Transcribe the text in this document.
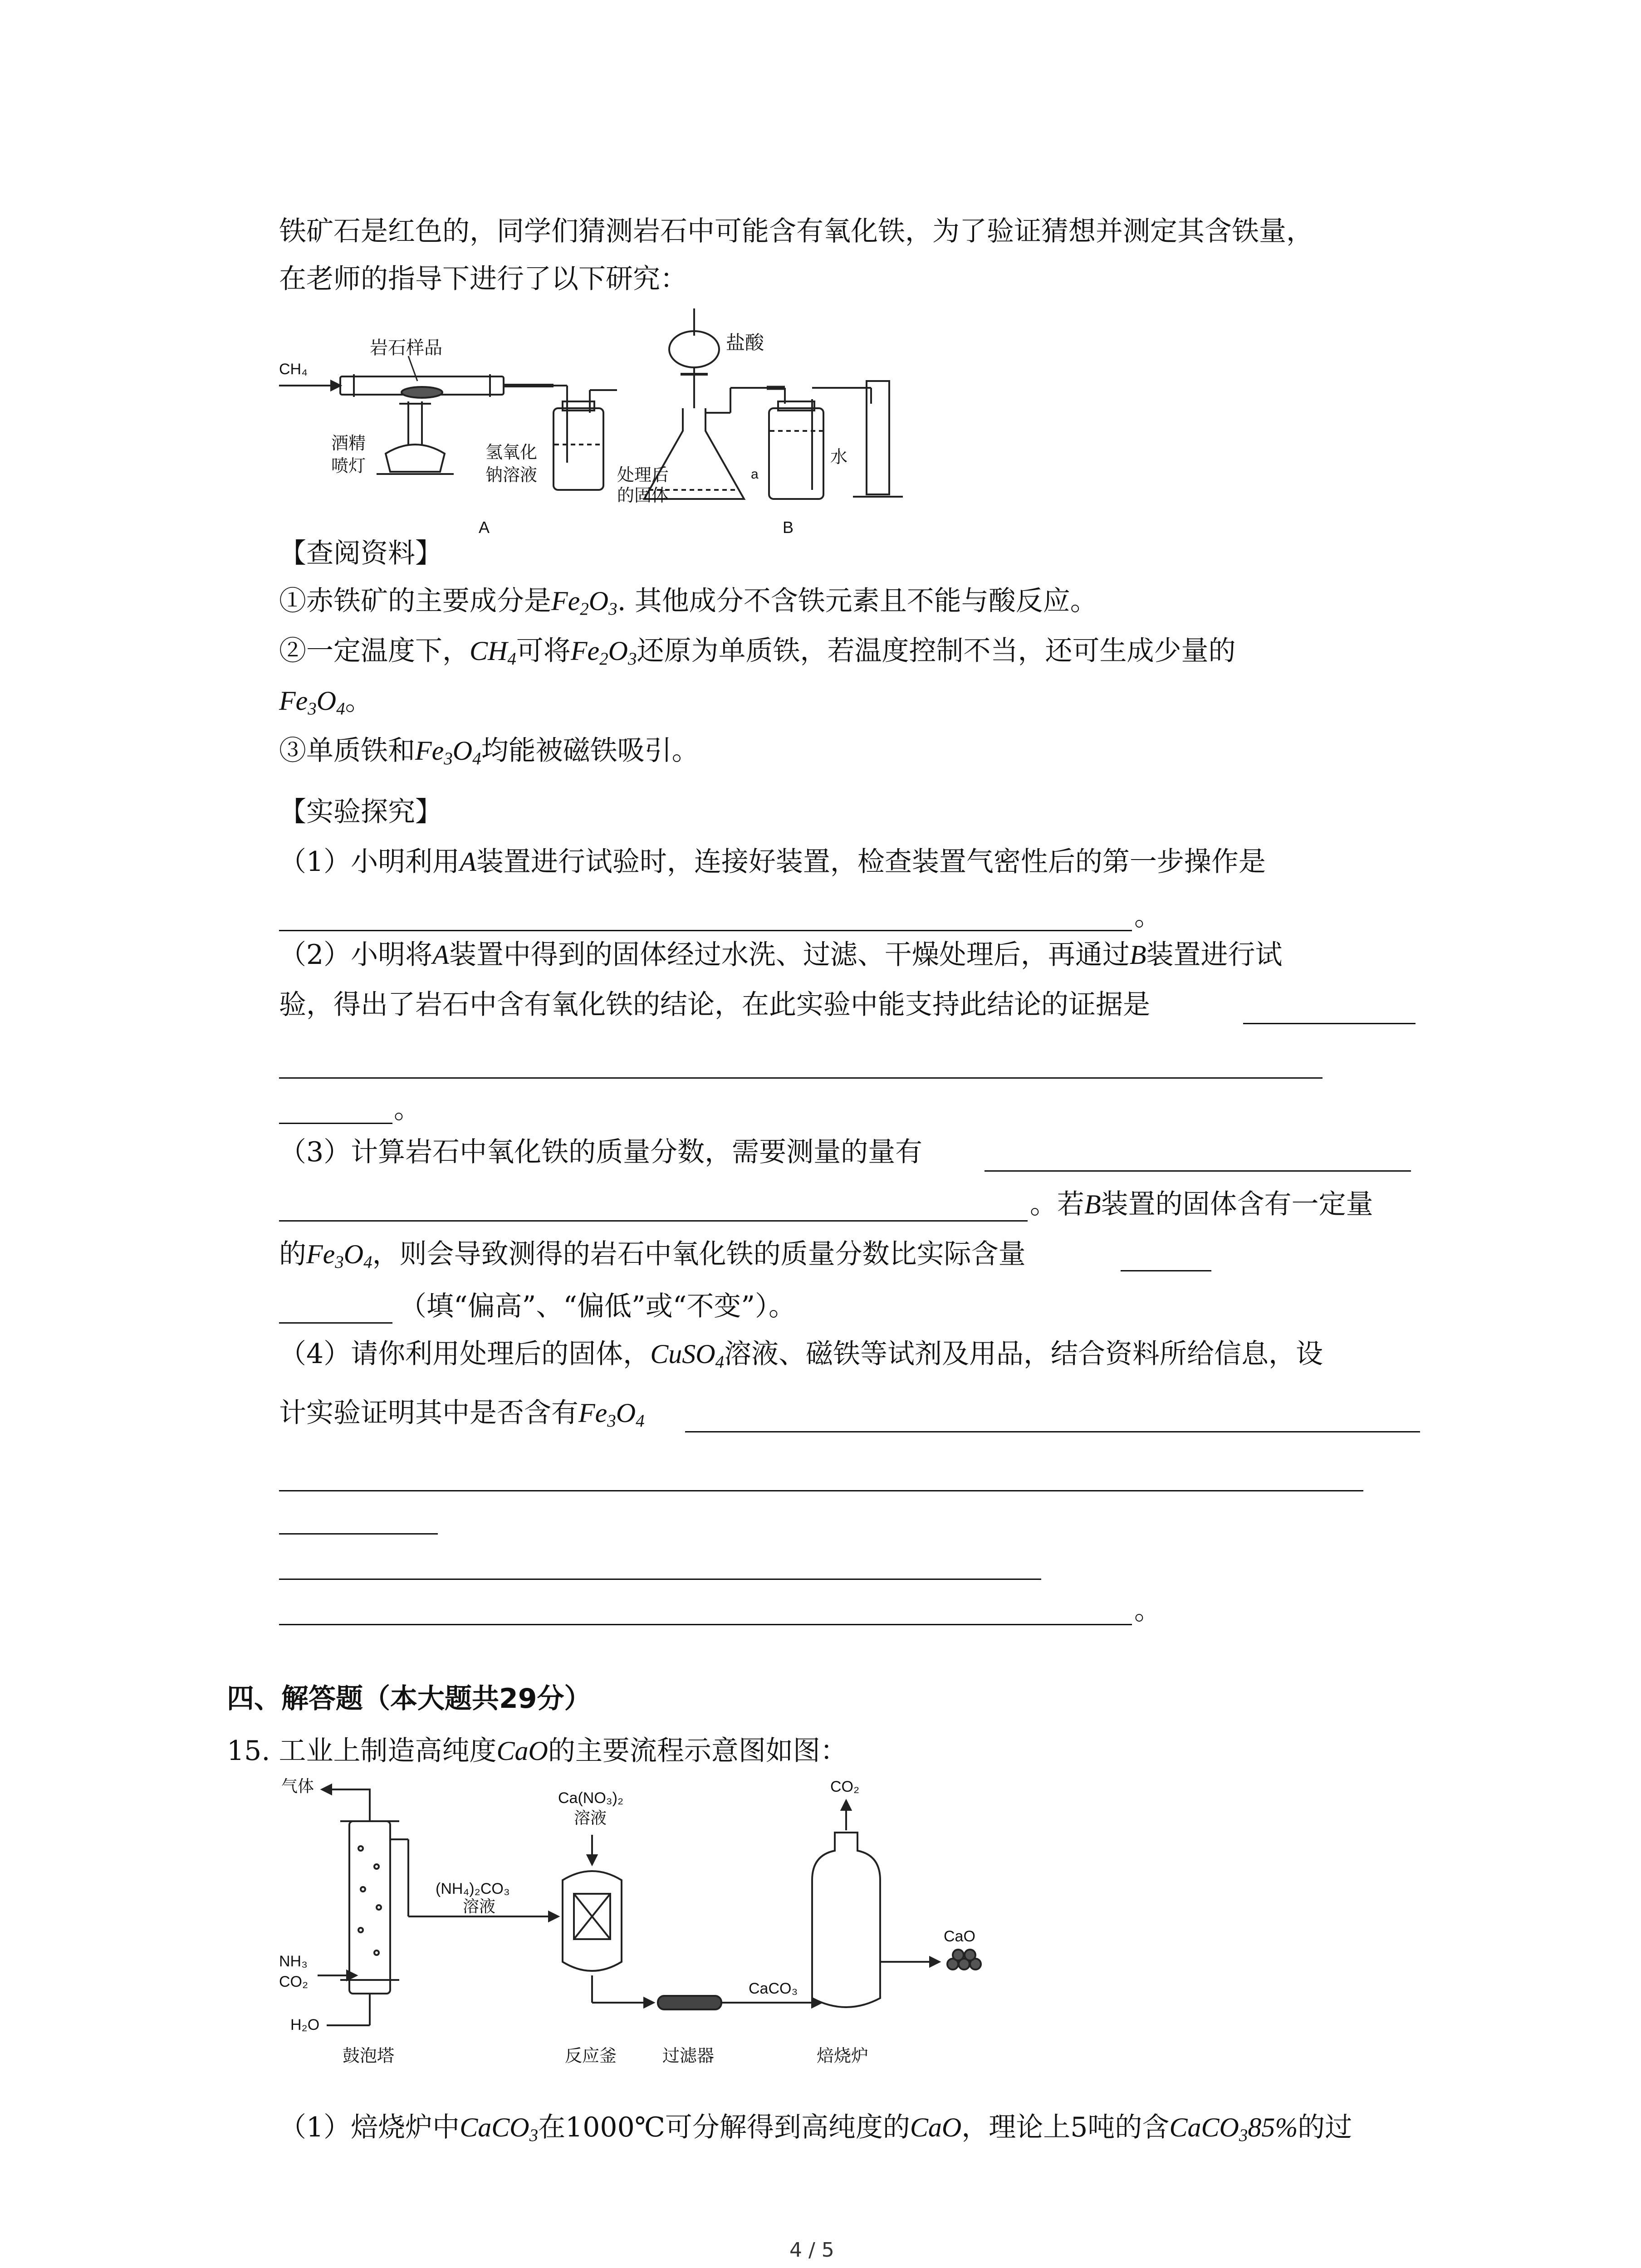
铁矿石是红色的，同学们猜测岩石中可能含有氧化铁，为了验证猜想并测定其含铁量，
在老师的指导下进行了以下研究：
CH₄
岩石样品
酒精
喷灯
氢氧化
钠溶液	处理后
的固体
盐酸
水
a
A	B
【查阅资料】
①赤铁矿的主要成分是$Fe_2O_3$. 其他成分不含铁元素且不能与酸反应。
②一定温度下，$CH_4$可将$Fe_2O_3$还原为单质铁，若温度控制不当，还可生成少量的
$Fe_3O_4$。
③单质铁和$Fe_3O_4$均能被磁铁吸引。
【实验探究】
（1）小明利用A装置进行试验时，连接好装置，检查装置气密性后的第一步操作是
。
（2）小明将A装置中得到的固体经过水洗、过滤、干燥处理后，再通过B装置进行试
验，得出了岩石中含有氧化铁的结论，在此实验中能支持此结论的证据是
。
（3）计算岩石中氧化铁的质量分数，需要测量的量有
。若B装置的固体含有一定量
的$Fe_3O_4$，则会导致测得的岩石中氧化铁的质量分数比实际含量
（填“偏高”、“偏低”或“不变”）。
（4）请你利用处理后的固体，CuSO$_4$溶液、磁铁等试剂及用品，结合资料所给信息，设
计实验证明其中是否含有$Fe_3O_4$
。
四、解答题（本大题共29分）
15. 工业上制造高纯度CaO的主要流程示意图如图：
气体
NH₃
CO₂
H₂O
(NH₄)₂CO₃
溶液
Ca(NO₃)₂
溶液
CaCO₃
CO₂
CaO
鼓泡塔	反应釜	过滤器	焙烧炉
（1）焙烧炉中CaCO$_3$在1000℃可分解得到高纯度的CaO，理论上5吨的含CaCO$_3$85%的过
4 / 5
